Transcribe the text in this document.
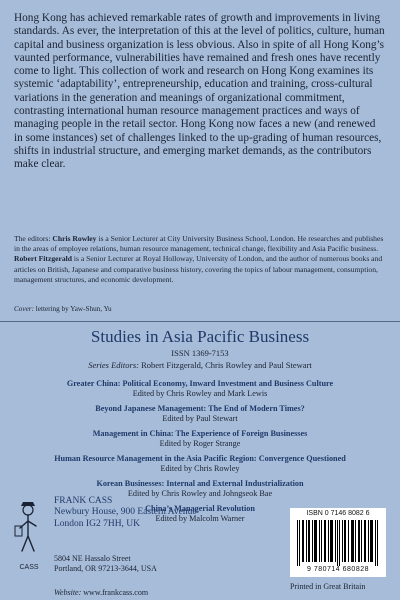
Hong Kong has achieved remarkable rates of growth and improvements in living standards. As ever, the interpretation of this at the level of politics, culture, human capital and business organization is less obvious. Also in spite of all Hong Kong’s vaunted performance, vulnerabilities have remained and fresh ones have recently come to light. This collection of work and research on Hong Kong examines its systemic ‘adaptability’, entrepreneurship, education and training, cross-cultural variations in the generation and meanings of organizational commitment, contrasting international human resource management practices and ways of managing people in the retail sector. Hong Kong now faces a new (and renewed in some instances) set of challenges linked to the up-grading of human resources, shifts in industrial structure, and emerging market demands, as the contributors make clear.

The editors: Chris Rowley is a Senior Lecturer at City University Business School, London. He researches and publishes in the areas of employee relations, human resource management, technical change, flexibility and Asia Pacific business. Robert Fitzgerald is a Senior Lecturer at Royal Holloway, University of London, and the author of numerous books and articles on British, Japanese and comparative business history, covering the topics of labour management, consumption, management structures, and economic development.
Cover: lettering by Yaw-Shun, Yu
Studies in Asia Pacific Business
ISSN 1369-7153
Series Editors: Robert Fitzgerald, Chris Rowley and Paul Stewart
Greater China: Political Economy, Inward Investment and Business Culture
Edited by Chris Rowley and Mark Lewis
Beyond Japanese Management: The End of Modern Times?
Edited by Paul Stewart
Management in China: The Experience of Foreign Businesses
Edited by Roger Strange
Human Resource Management in the Asia Pacific Region: Convergence Questioned
Edited by Chris Rowley
Korean Businesses: Internal and External Industrialization
Edited by Chris Rowley and Johngseok Bae
China’s Managerial Revolution
Edited by Malcolm Warner
CASS
FRANK CASS
Newbury House, 900 Eastern Avenue
London IG2 7HH, UK
5804 NE Hassalo Street
Portland, OR 97213-3644, USA
Website: www.frankcass.com
ISBN 0 7146 8082 6
9 780714 680828
Printed in Great Britain
